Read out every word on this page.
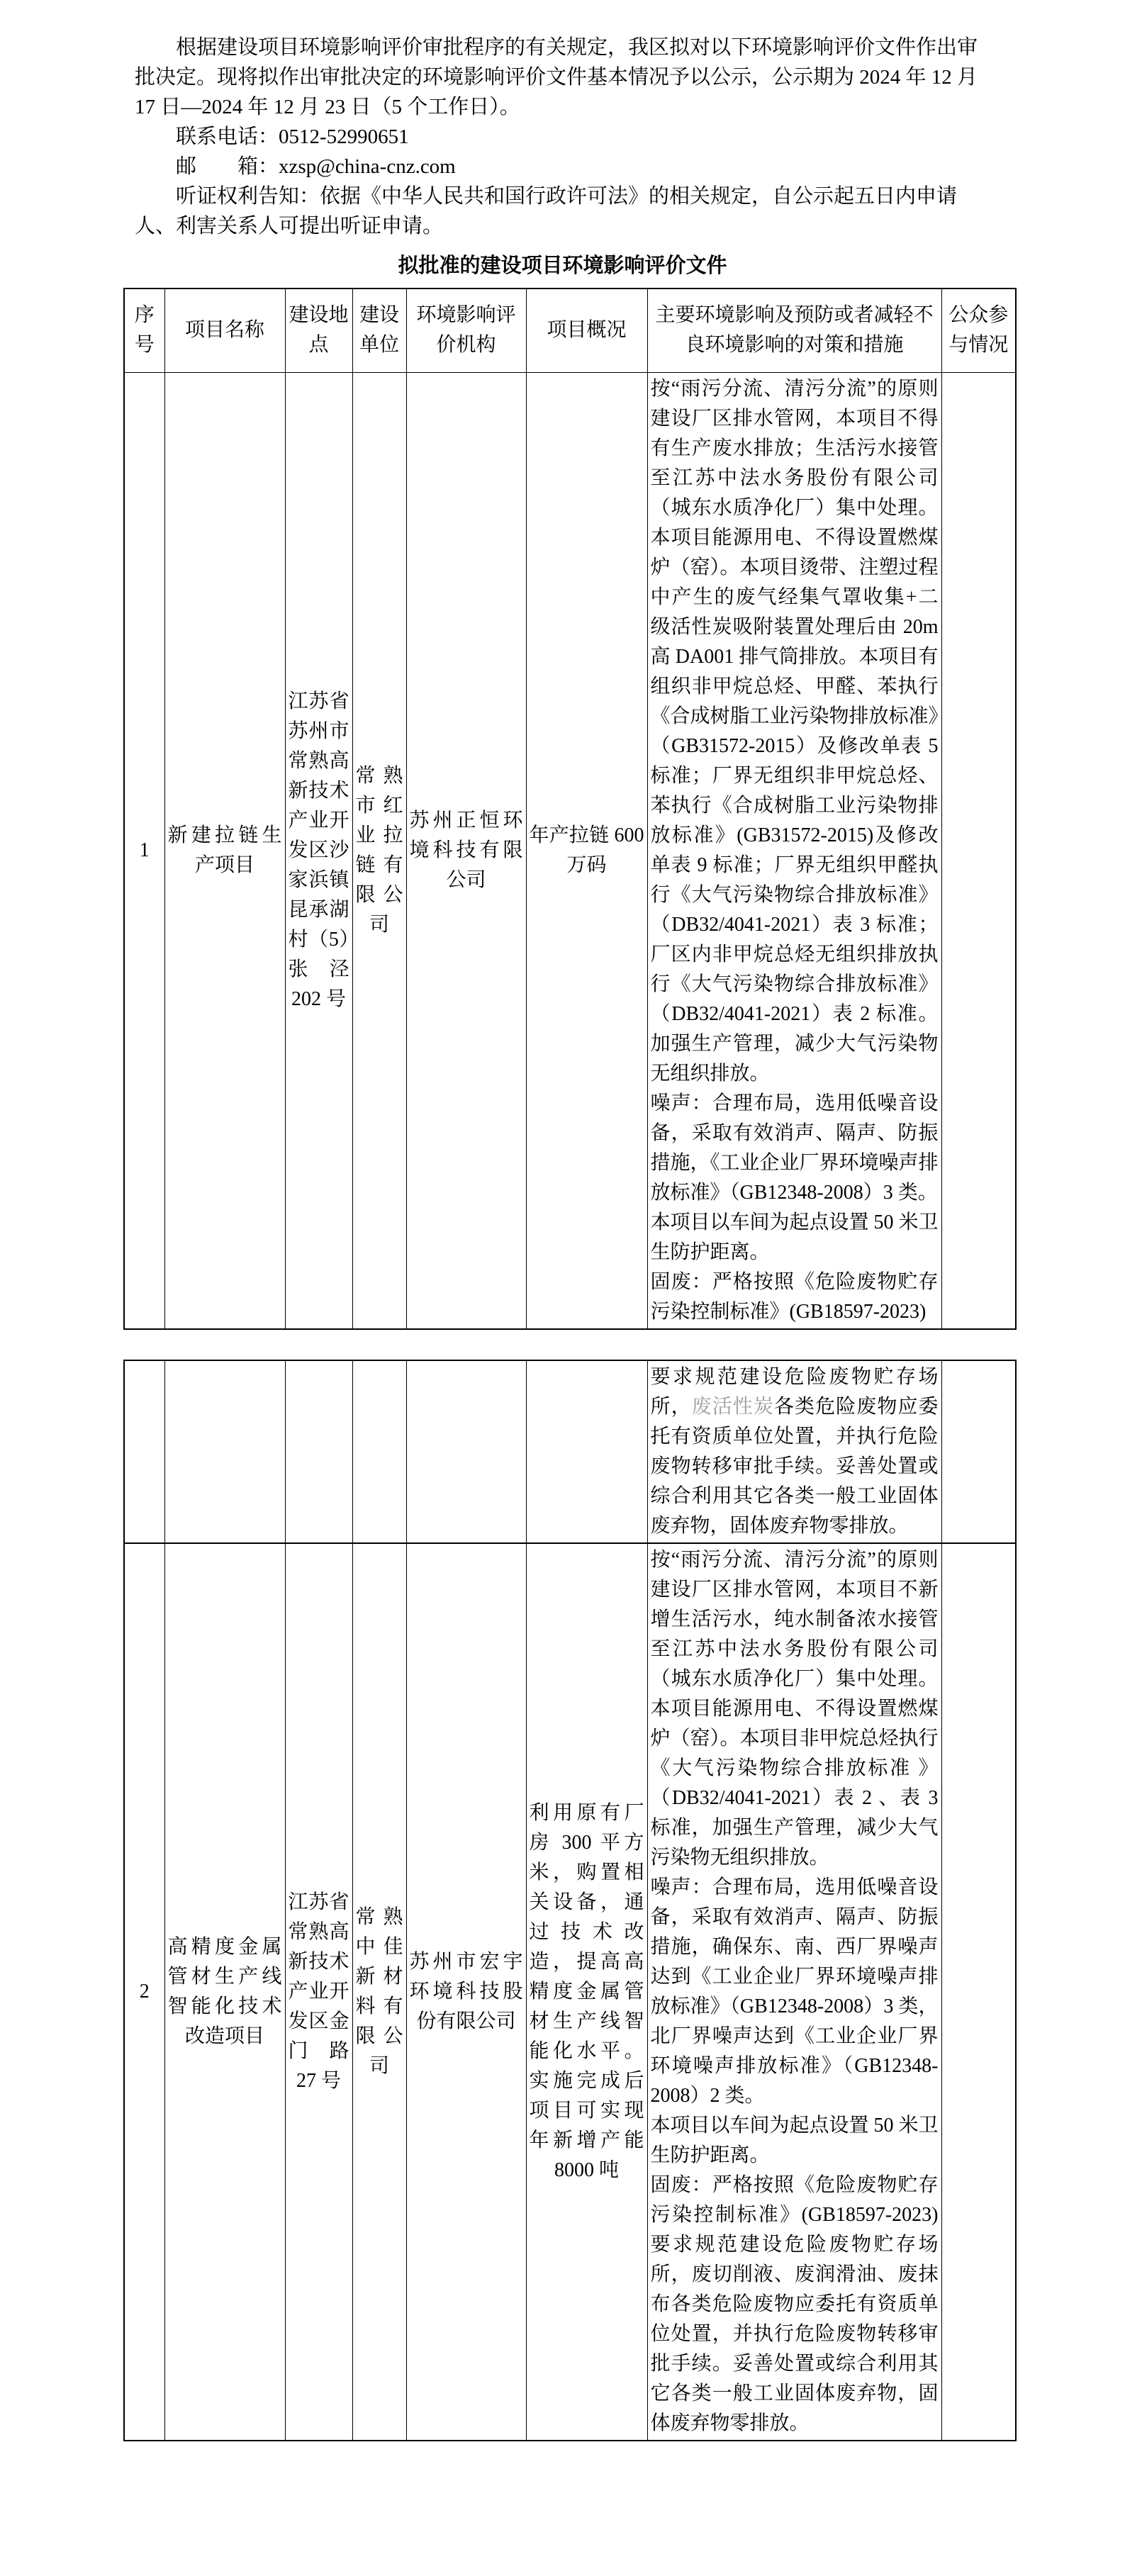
根据建设项目环境影响评价审批程序的有关规定，我区拟对以下环境影响评价文件作出审批决定。现将拟作出审批决定的环境影响评价文件基本情况予以公示，公示期为 2024 年 12 月 17 日—2024 年 12 月 23 日（5 个工作日）。

联系电话：0512-52990651

邮　　箱：xzsp@china-cnz.com

听证权利告知：依据《中华人民共和国行政许可法》的相关规定，自公示起五日内申请人、利害关系人可提出听证申请。

拟批准的建设项目环境影响评价文件
序号	项目名称	建设地点	建设单位	环境影响评价机构	项目概况	主要环境影响及预防或者减轻不良环境影响的对策和措施	公众参与情况
1	新建拉链生产项目	江苏省苏州市常熟高新技术产业开发区沙家浜镇昆承湖村（5）张泾 202 号	常熟市红业拉链有限公司	苏州正恒环境科技有限公司	年产拉链 600 万码	按“雨污分流、清污分流”的原则建设厂区排水管网，本项目不得有生产废水排放；生活污水接管至江苏中法水务股份有限公司（城东水质净化厂）集中处理。本项目能源用电、不得设置燃煤炉（窑）。本项目烫带、注塑过程中产生的废气经集气罩收集+二级活性炭吸附装置处理后由 20m 高 DA001 排气筒排放。本项目有组织非甲烷总烃、甲醛、苯执行《合成树脂工业污染物排放标准》（GB31572-2015）及修改单表 5 标准；厂界无组织非甲烷总烃、苯执行《合成树脂工业污染物排放标准》(GB31572-2015)及修改单表 9 标准；厂界无组织甲醛执行《大气污染物综合排放标准》（DB32/4041-2021）表 3 标准；厂区内非甲烷总烃无组织排放执行《大气污染物综合排放标准》（DB32/4041-2021）表 2 标准。加强生产管理，减少大气污染物无组织排放。
噪声：合理布局，选用低噪音设备，采取有效消声、隔声、防振措施，《工业企业厂界环境噪声排放标准》（GB12348-2008）3 类。
本项目以车间为起点设置 50 米卫生防护距离。
固废：严格按照《危险废物贮存污染控制标准》(GB18597-2023)	

						要求规范建设危险废物贮存场所，废活性炭各类危险废物应委托有资质单位处置，并执行危险废物转移审批手续。妥善处置或综合利用其它各类一般工业固体废弃物，固体废弃物零排放。	

2	高精度金属管材生产线智能化技术改造项目	江苏省常熟高新技术产业开发区金门路 27 号	常熟中佳新材料有限公司	苏州市宏宇环境科技股份有限公司	利用原有厂房 300 平方米，购置相关设备，通过技术改造，提高高精度金属管材生产线智能化水平。实施完成后项目可实现年新增产能 8000 吨	按“雨污分流、清污分流”的原则建设厂区排水管网，本项目不新增生活污水，纯水制备浓水接管至江苏中法水务股份有限公司（城东水质净化厂）集中处理。本项目能源用电、不得设置燃煤炉（窑）。本项目非甲烷总烃执行《大气污染物综合排放标准 》（DB32/4041-2021）表 2 、表 3 标准，加强生产管理，减少大气污染物无组织排放。
噪声：合理布局，选用低噪音设备，采取有效消声、隔声、防振措施，确保东、南、西厂界噪声达到《工业企业厂界环境噪声排放标准》（GB12348-2008）3 类，北厂界噪声达到《工业企业厂界环境噪声排放标准》（GB12348-2008）2 类。
本项目以车间为起点设置 50 米卫生防护距离。
固废：严格按照《危险废物贮存污染控制标准》(GB18597-2023)要求规范建设危险废物贮存场所，废切削液、废润滑油、废抹布各类危险废物应委托有资质单位处置，并执行危险废物转移审批手续。妥善处置或综合利用其它各类一般工业固体废弃物，固体废弃物零排放。	
